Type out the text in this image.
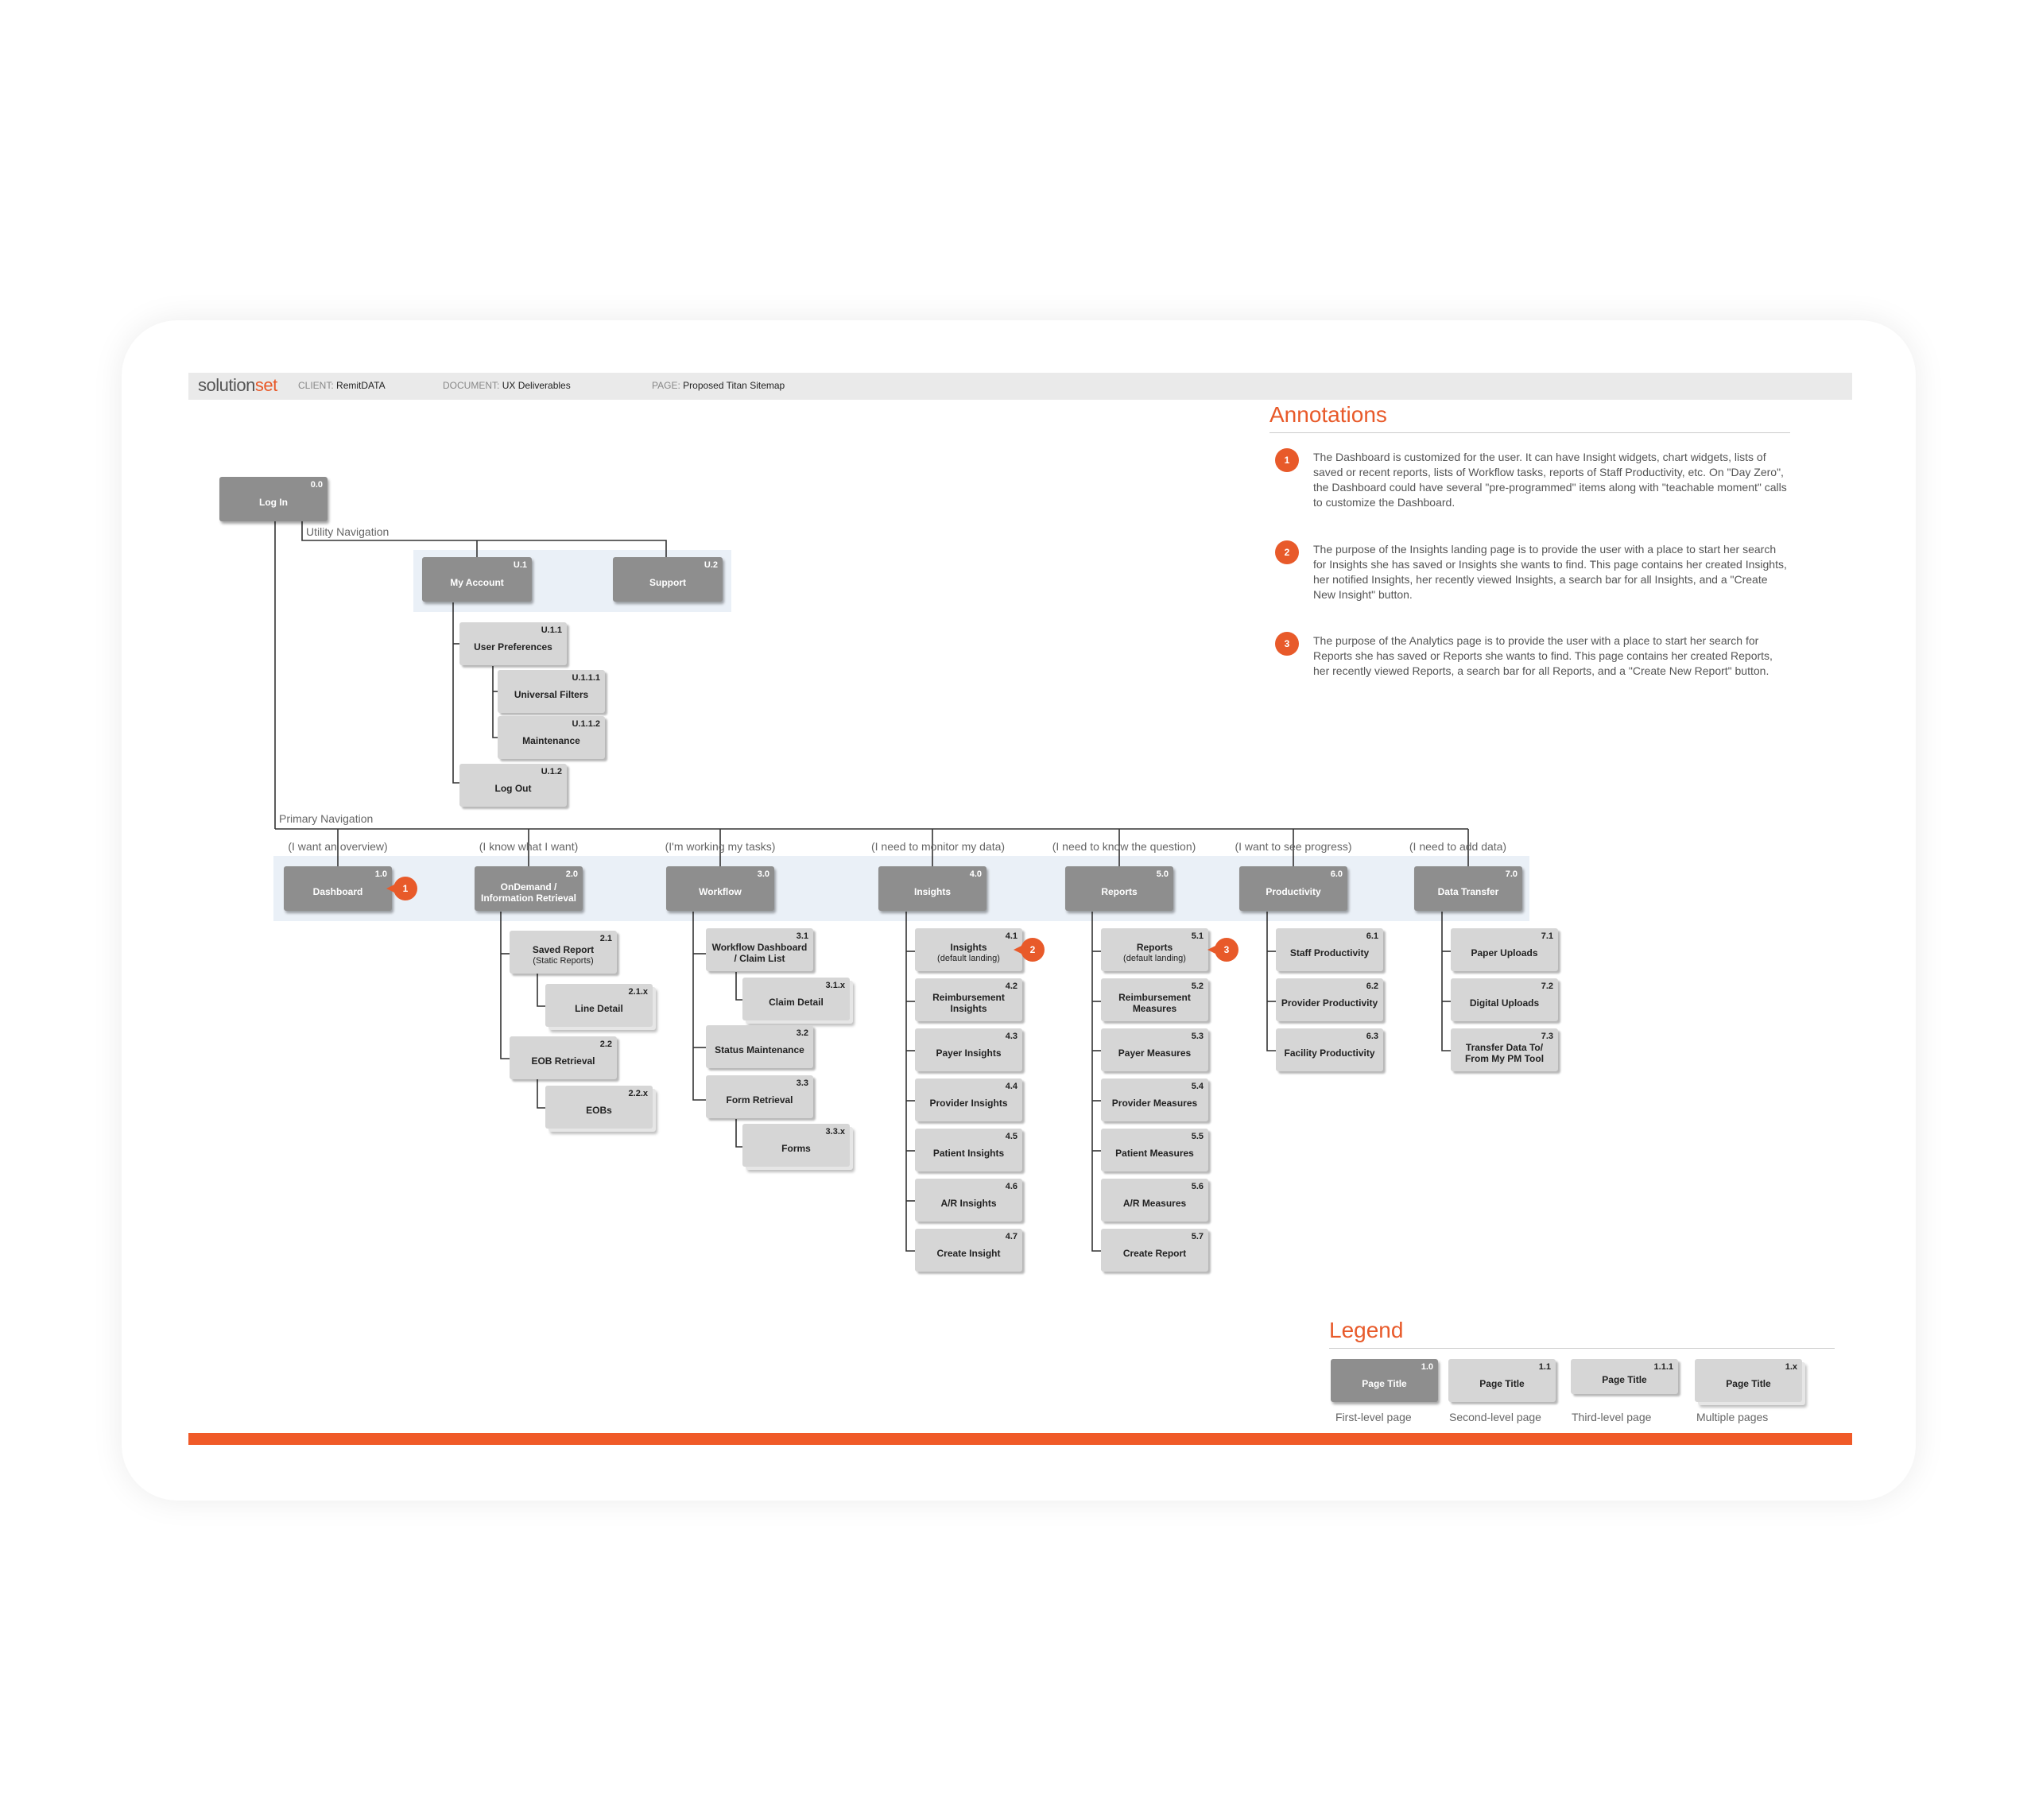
solutionset CLIENT: RemitDATA	DOCUMENT: UX Deliverables	PAGE: Proposed Titan Sitemap
Utility Navigation
Primary Navigation
(I want an overview)	(I know what I want)	(I'm working my tasks)	(I need to monitor my data)	(I need to know the question)	(I want to see progress)	(I need to add data)
0.0
Log In
U.1
My Account
U.2
Support
1.0
Dashboard
2.0
OnDemand / Information Retrieval
3.0
Workflow
4.0
Insights
5.0
Reports
6.0
Productivity
7.0
Data Transfer
U.1.1
User Preferences
U.1.1.1
Universal Filters
U.1.1.2
Maintenance
U.1.2
Log Out
2.1
Saved Report
(Static Reports)
2.1.x
Line Detail
2.2
EOB Retrieval
2.2.x
EOBs
3.1
Workflow Dashboard / Claim List
3.1.x
Claim Detail
3.2
Status Maintenance
3.3
Form Retrieval
3.3.x
Forms
4.1
Insights
(default landing)
4.2
Reimbursement Insights
4.3
Payer Insights
4.4
Provider Insights
4.5
Patient Insights
4.6
A/R Insights
4.7
Create Insight
5.1
Reports
(default landing)
5.2
Reimbursement Measures
5.3
Payer Measures
5.4
Provider Measures
5.5
Patient Measures
5.6
A/R Measures
5.7
Create Report
6.1
Staff Productivity
6.2
Provider Productivity
6.3
Facility Productivity
7.1
Paper Uploads
7.2
Digital Uploads
7.3
Transfer Data To/ From My PM Tool
1
2	3
Annotations
1	The Dashboard is customized for the user. It can have Insight widgets, chart widgets, lists of saved or recent reports, lists of Workflow tasks, reports of Staff Productivity, etc. On "Day Zero", the Dashboard could have several "pre-programmed" items along with "teachable moment" calls to customize the Dashboard.
2	The purpose of the Insights landing page is to provide the user with a place to start her search for Insights she has saved or Insights she wants to find. This page contains her created Insights, her notified Insights, her recently viewed Insights, a search bar for all Insights, and a "Create New Insight" button.
3	The purpose of the Analytics page is to provide the user with a place to start her search for Reports she has saved or Reports she wants to find. This page contains her created Reports, her recently viewed Reports, a search bar for all Reports, and a "Create New Report" button.
Legend
1.0
Page Title
1.1
Page Title
1.1.1
Page Title
1.x
Page Title
First-level page	Second-level page	Third-level page	Multiple pages
